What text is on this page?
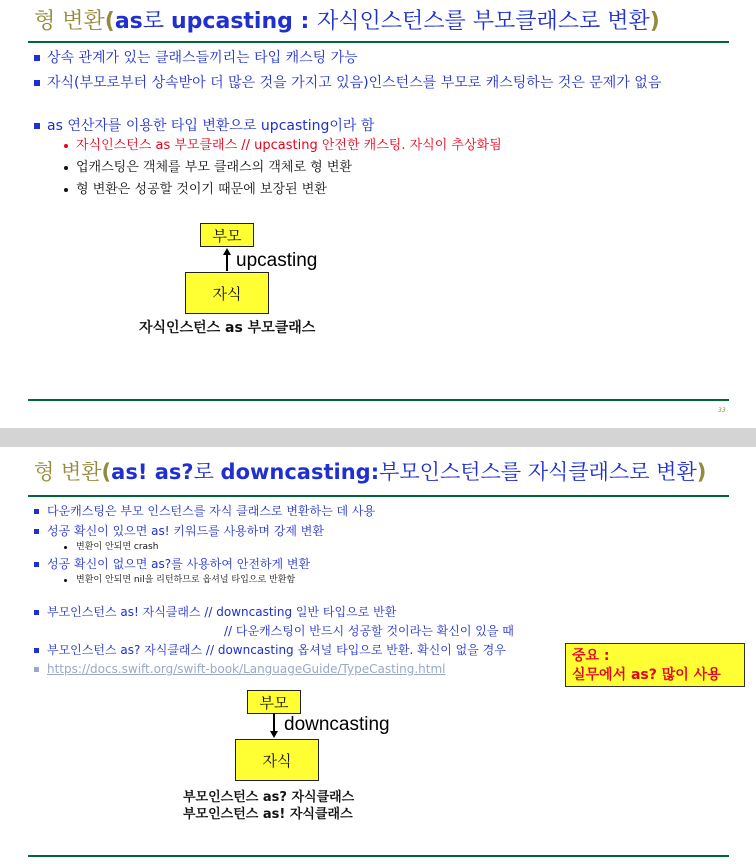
형 변환(as로 upcasting : 자식인스턴스를 부모클래스로 변환)
상속 관계가 있는 클래스들끼리는 타입 캐스팅 가능
자식(부모로부터 상속받아 더 많은 것을 가지고 있음)인스턴스를 부모로 캐스팅하는 것은 문제가 없음
as 연산자를 이용한 타입 변환으로 upcasting이라 함
자식인스턴스 as 부모클래스 // upcasting 안전한 캐스팅. 자식이 추상화됨
업캐스팅은 객체를 부모 클래스의 객체로 형 변환
형 변환은 성공할 것이기 때문에 보장된 변환
부모
upcasting
자식
자식인스턴스 as 부모클래스
33
형 변환(as! as?로 downcasting:부모인스턴스를 자식클래스로 변환)
다운캐스팅은 부모 인스턴스를 자식 클래스로 변환하는 데 사용
성공 확신이 있으면 as! 키워드를 사용하며 강제 변환
변환이 안되면 crash
성공 확신이 없으면 as?를 사용하여 안전하게 변환
변환이 안되면 nil을 리턴하므로 옵셔널 타입으로 반환함
부모인스턴스 as! 자식클래스 // downcasting 일반 타입으로 반환
// 다운캐스팅이 반드시 성공할 것이라는 확신이 있을 때
부모인스턴스 as? 자식클래스 // downcasting 옵셔널 타입으로 반환. 확신이 없을 경우
https://docs.swift.org/swift-book/LanguageGuide/TypeCasting.html
중요 :
실무에서 as? 많이 사용
부모
downcasting
자식
부모인스턴스 as? 자식클래스
부모인스턴스 as! 자식클래스
